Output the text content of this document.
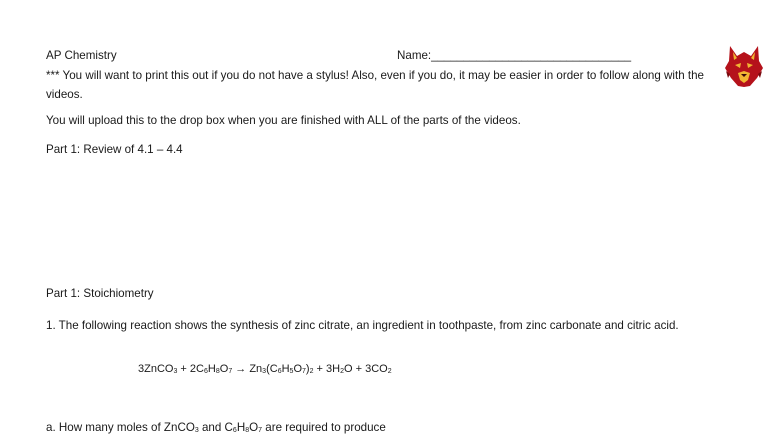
AP Chemistry	Name:_______________________________
*** You will want to print this out if you do not have a stylus! Also, even if you do, it may be easier in order to follow along with the videos.
You will upload this to the drop box when you are finished with ALL of the parts of the videos.
Part 1: Review of 4.1 – 4.4
Part 1: Stoichiometry
1. The following reaction shows the synthesis of zinc citrate, an ingredient in toothpaste, from zinc carbonate and citric acid.
3ZnCO$_3$ + $2C_6H_8O_7 \to Zn_3(C_6H_5O_7)_2 + 3H_2O + 3CO_2$
a. How many moles of ZnCO$_3$ and $C_6H_8O_7$ are required to produce
